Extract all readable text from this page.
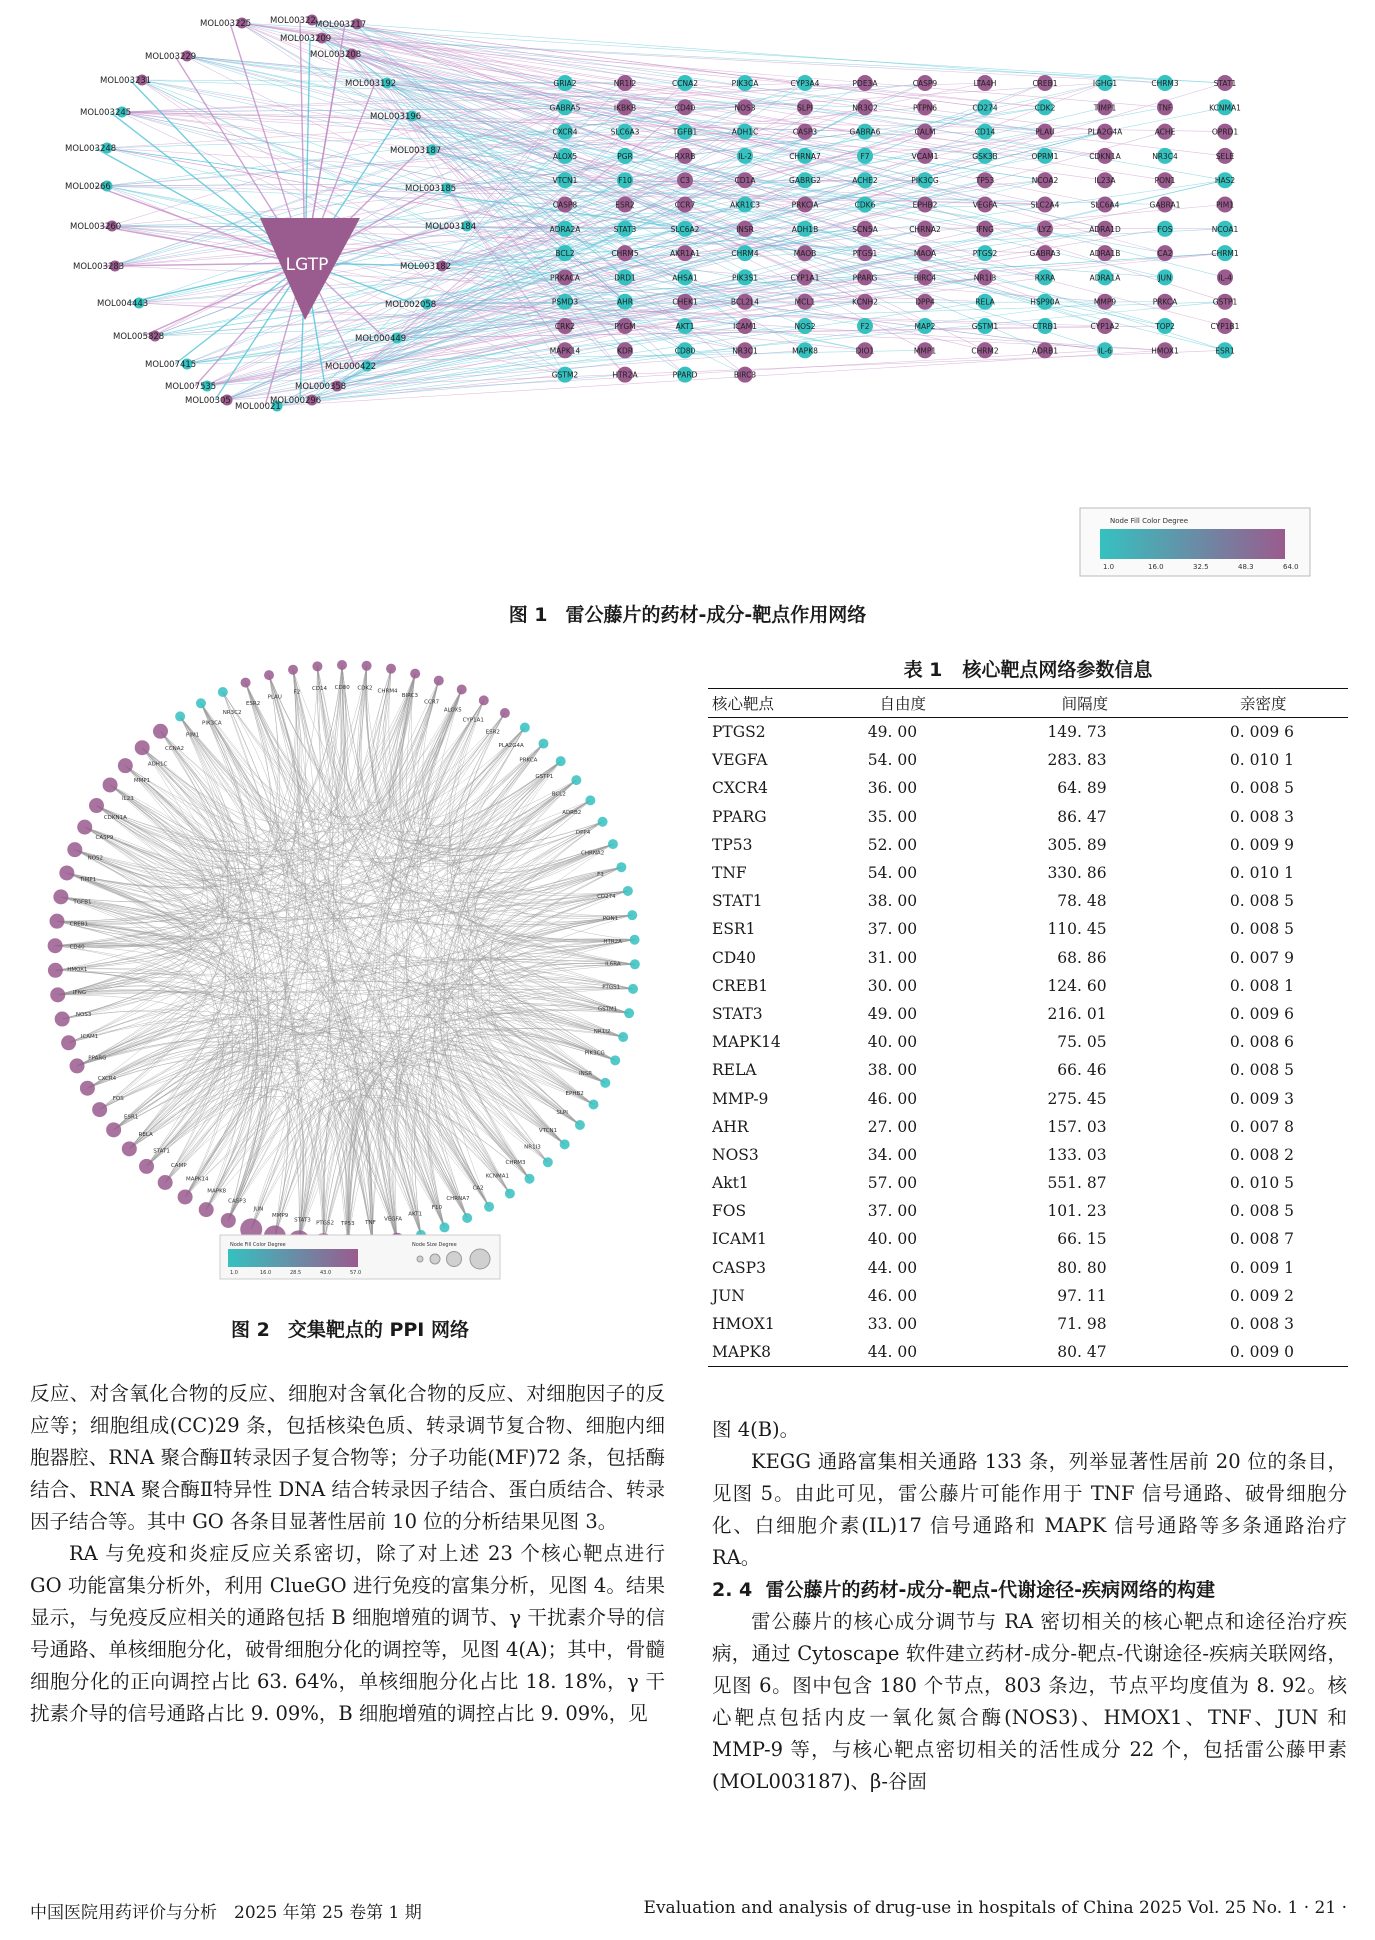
LGTP
MOL003225 MOL00322 MOL003217
MOL003209
MOL003229	MOL003208
MOL003231	MOL003192
MOL003245	MOL003196
MOL003248	MOL003187
MOL00266	MOL003185
MOL003260	MOL003184
MOL003283	MOL003182
MOL004443	MOL002058
MOL005828	MOL000449
MOL007415	MOL000422
MOL007535	MOL000358
MOL00305
MOL00021
MOL000296
GRIA2	NR1I2	CCNA2	PIK3CA	CYP3A4	PDE3A	CASP9	LTA4H	CREB1	IGHG1	CHRM3	STAT1
GABRA5	IKBKB	CD40	NOS3	SLPI	NR3C2	PTPN6	CD274	CDK2	TIMP1	TNF	KCNMA1
CXCR4	SLC6A3	TGFB1	ADH1C	CASP3	GABRA6	CALM	CD14	PLAU	PLA2G4A	ACHE	OPRD1
ALOX5	PGR	RXRB	IL-2	CHRNA7	F7	VCAM1	GSK3B	OPRM1	CDKN1A	NR3C4	SELE
VTCN1	F10	C3	CD1A	GABRG2	ACHE2	PIK3CG	TP53	NCOA2	IL23A	PON1	HAS2
CASP8	ESR2	CCR7	AKR1C3	PRKCIA	CDK6	EPHB2	VEGFA	SLC2A4	SLC6A4	GABRA1	PIM1
ADRA2A	STAT3	SLC6A2	INSR	ADH1B	SCN5A	CHRNA2	IFNG	LYZ	ADRA1D	FOS	NCOA1
BCL2	CHRM5	AKR1A1	CHRM4	MAOB	PTGS1	MAOA	PTGS2	GABRA3	ADRA1B	CA2	CHRM1
PRKACA	DRD1	AHSA1	PIK3S1	CYP1A1	PPARG	BIRC4	NR1I3	RXRA	ADRA1A	JUN	IL-4
PSMD3	AHR	CHEK1	BCL2L4	MCL1	KCNH2	DPP4	RELA	HSP90A	MMP9	PRKCA	GSTP1
CRK2	PYGM	AKT1	ICAM1	NOS2	F2	MAP2	GSTM1	CTRB1	CYP1A2	TOP2	CYP1B1
MAPK14	KDR	CD80	NR3C1	MAPK8	DIO1	MMP1	CHRM2	ADRB1	IL-6	HMOX1	ESR1
GSTM2	HTR2A	PPARD	BIRC3
Node Fill Color Degree
1.0	16.0	32.5	48.3	64.0
图 1 雷公藤片的药材-成分-靶点作用网络
ESR2
PLAU
F2
CD14 CD80 CDK2 CHRM4
BIRC3
CCR7
ALOX5
CYP1A1
ESR2
PLA2G4A
PRKCA
GSTP1
BCL2
ADRB2
DPP4
CHRNA2
F3
CD274
PON1
HTR2A
IL6RA
PTGS1
GSTM1
NR1I2
PIK3CG
INSR
EPHB2
SLPI
VTCN1
NR1I3
CHRM3
KCNMA1
CA2
CHRNA7
F10
AKT1
VEGFA
TNF
TP53
PTGS2
STAT3
MMP9
JUN
CASP3
MAPK8
MAPK14
CAMP
STAT1
RELA
ESR1
FOS
CXCR4
PPARG
ICAM1
NOS3
IFNG
HMOX1
CD40
CREB1
TGFB1
TIMP1
NOS2
CASP9
CDKN1A
IL23
MMP1
ADH1C
CCNA2
PIM1
PIK3CA
NR3C2
Node Fill Color Degree
1.0	16.0	28.5	43.0	57.0
Node Size Degree
图 2 交集靶点的 PPI 网络
表 1 核心靶点网络参数信息
核心靶点	自由度	间隔度	亲密度
PTGS2	49. 00	149. 73	0. 009 6
VEGFA	54. 00	283. 83	0. 010 1
CXCR4	36. 00	64. 89	0. 008 5
PPARG	35. 00	86. 47	0. 008 3
TP53	52. 00	305. 89	0. 009 9
TNF	54. 00	330. 86	0. 010 1
STAT1	38. 00	78. 48	0. 008 5
ESR1	37. 00	110. 45	0. 008 5
CD40	31. 00	68. 86	0. 007 9
CREB1	30. 00	124. 60	0. 008 1
STAT3	49. 00	216. 01	0. 009 6
MAPK14	40. 00	75. 05	0. 008 6
RELA	38. 00	66. 46	0. 008 5
MMP-9	46. 00	275. 45	0. 009 3
AHR	27. 00	157. 03	0. 007 8
NOS3	34. 00	133. 03	0. 008 2
Akt1	57. 00	551. 87	0. 010 5
FOS	37. 00	101. 23	0. 008 5
ICAM1	40. 00	66. 15	0. 008 7
CASP3	44. 00	80. 80	0. 009 1
JUN	46. 00	97. 11	0. 009 2
HMOX1	33. 00	71. 98	0. 008 3
MAPK8	44. 00	80. 47	0. 009 0
反应、对含氧化合物的反应、细胞对含氧化合物的反应、对细胞因子的反应等；细胞组成(CC)29 条，包括核染色质、转录调节复合物、细胞内细胞器腔、RNA 聚合酶Ⅱ转录因子复合物等；分子功能(MF)72 条，包括酶结合、RNA 聚合酶Ⅱ特异性 DNA 结合转录因子结合、蛋白质结合、转录因子结合等。其中 GO 各条目显著性居前 10 位的分析结果见图 3。
RA 与免疫和炎症反应关系密切，除了对上述 23 个核心靶点进行 GO 功能富集分析外，利用 ClueGO 进行免疫的富集分析，见图 4。结果显示，与免疫反应相关的通路包括 B 细胞增殖的调节、γ 干扰素介导的信号通路、单核细胞分化，破骨细胞分化的调控等，见图 4(A)；其中，骨髓细胞分化的正向调控占比 63. 64%，单核细胞分化占比 18. 18%，γ 干扰素介导的信号通路占比 9. 09%，B 细胞增殖的调控占比 9. 09%，见
图 4(B)。
KEGG 通路富集相关通路 133 条，列举显著性居前 20 位的条目，见图 5。由此可见，雷公藤片可能作用于 TNF 信号通路、破骨细胞分化、白细胞介素(IL)17 信号通路和 MAPK 信号通路等多条通路治疗 RA。
2. 4 雷公藤片的药材-成分-靶点-代谢途径-疾病网络的构建
雷公藤片的核心成分调节与 RA 密切相关的核心靶点和途径治疗疾病，通过 Cytoscape 软件建立药材-成分-靶点-代谢途径-疾病关联网络，见图 6。图中包含 180 个节点，803 条边，节点平均度值为 8. 92。核心靶点包括内皮一氧化氮合酶(NOS3)、HMOX1、TNF、JUN 和 MMP-9 等，与核心靶点密切相关的活性成分 22 个，包括雷公藤甲素(MOL003187)、β-谷固
中国医院用药评价与分析　2025 年第 25 卷第 1 期	Evaluation and analysis of drug-use in hospitals of China 2025 Vol. 25 No. 1 · 21 ·
